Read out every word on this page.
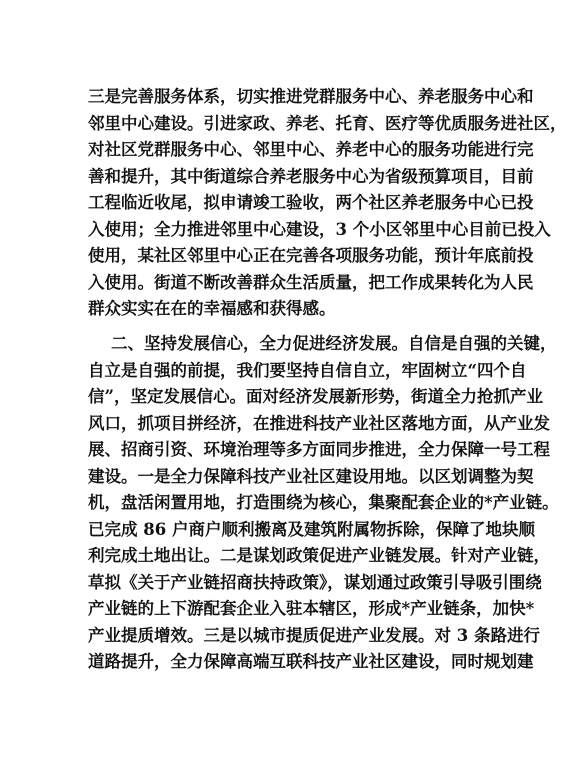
三是完善服务体系，切实推进党群服务中心、养老服务中心和
邻里中心建设。引进家政、养老、托育、医疗等优质服务进社区，
对社区党群服务中心、邻里中心、养老中心的服务功能进行完
善和提升，其中街道综合养老服务中心为省级预算项目，目前
工程临近收尾，拟申请竣工验收，两个社区养老服务中心已投
入使用；全力推进邻里中心建设，3 个小区邻里中心目前已投入
使用，某社区邻里中心正在完善各项服务功能，预计年底前投
入使用。街道不断改善群众生活质量，把工作成果转化为人民
群众实实在在的幸福感和获得感。
二、坚持发展信心，全力促进经济发展。自信是自强的关键，
自立是自强的前提，我们要坚持自信自立，牢固树立“四个自
信”，坚定发展信心。面对经济发展新形势，街道全力抢抓产业
风口，抓项目拼经济，在推进科技产业社区落地方面，从产业发
展、招商引资、环境治理等多方面同步推进，全力保障一号工程
建设。一是全力保障科技产业社区建设用地。以区划调整为契
机，盘活闲置用地，打造围绕为核心，集聚配套企业的*产业链。
已完成 86 户商户顺利搬离及建筑附属物拆除，保障了地块顺
利完成土地出让。二是谋划政策促进产业链发展。针对产业链，
草拟《关于产业链招商扶持政策》，谋划通过政策引导吸引围绕
产业链的上下游配套企业入驻本辖区，形成*产业链条，加快*
产业提质增效。三是以城市提质促进产业发展。对 3 条路进行
道路提升，全力保障高端互联科技产业社区建设，同时规划建
